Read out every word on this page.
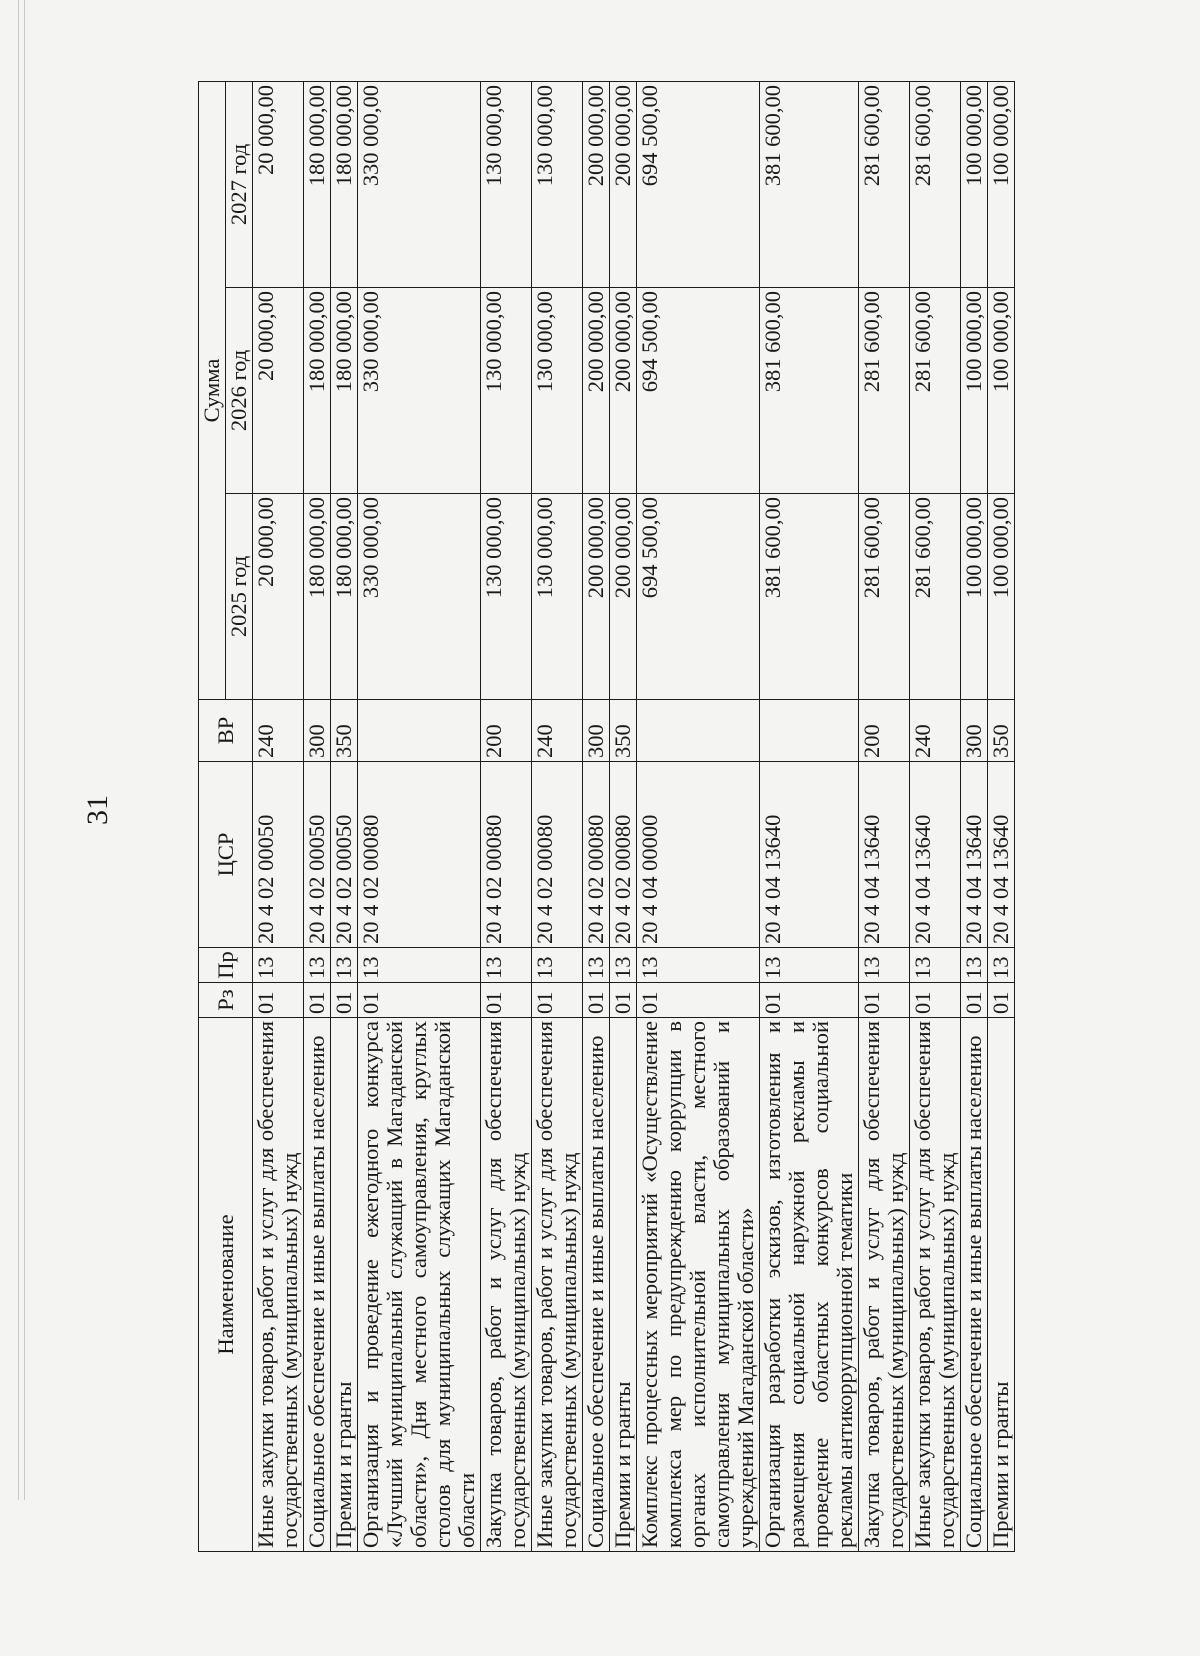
31
Наименование	Рз	Пр	ЦСР	ВР	Сумма		
					2025 год	2026 год	2027 год
Иные закупки товаров, работ и услуг для обеспечения государственных (муниципальных) нужд	01	13	20 4 02 00050	240	20 000,00	20 000,00	20 000,00
Социальное обеспечение и иные выплаты населению	01	13	20 4 02 00050	300	180 000,00	180 000,00	180 000,00
Премии и гранты	01	13	20 4 02 00050	350	180 000,00	180 000,00	180 000,00
Организация и проведение ежегодного конкурса «Лучший муниципальный служащий в Магаданской области», Дня местного самоуправления, круглых столов для муниципальных служащих Магаданской области	01	13	20 4 02 00080		330 000,00	330 000,00	330 000,00
Закупка товаров, работ и услуг для обеспечения государственных (муниципальных) нужд	01	13	20 4 02 00080	200	130 000,00	130 000,00	130 000,00
Иные закупки товаров, работ и услуг для обеспечения государственных (муниципальных) нужд	01	13	20 4 02 00080	240	130 000,00	130 000,00	130 000,00
Социальное обеспечение и иные выплаты населению	01	13	20 4 02 00080	300	200 000,00	200 000,00	200 000,00
Премии и гранты	01	13	20 4 02 00080	350	200 000,00	200 000,00	200 000,00
Комплекс процессных мероприятий «Осуществление комплекса мер по предупреждению коррупции в органах исполнительной власти, местного самоуправления муниципальных образований и учреждений Магаданской области»	01	13	20 4 04 00000		694 500,00	694 500,00	694 500,00
Организация разработки эскизов, изготовления и размещения социальной наружной рекламы и проведение областных конкурсов социальной рекламы антикоррупционной тематики	01	13	20 4 04 13640		381 600,00	381 600,00	381 600,00
Закупка товаров, работ и услуг для обеспечения государственных (муниципальных) нужд	01	13	20 4 04 13640	200	281 600,00	281 600,00	281 600,00
Иные закупки товаров, работ и услуг для обеспечения государственных (муниципальных) нужд	01	13	20 4 04 13640	240	281 600,00	281 600,00	281 600,00
Социальное обеспечение и иные выплаты населению	01	13	20 4 04 13640	300	100 000,00	100 000,00	100 000,00
Премии и гранты	01	13	20 4 04 13640	350	100 000,00	100 000,00	100 000,00
